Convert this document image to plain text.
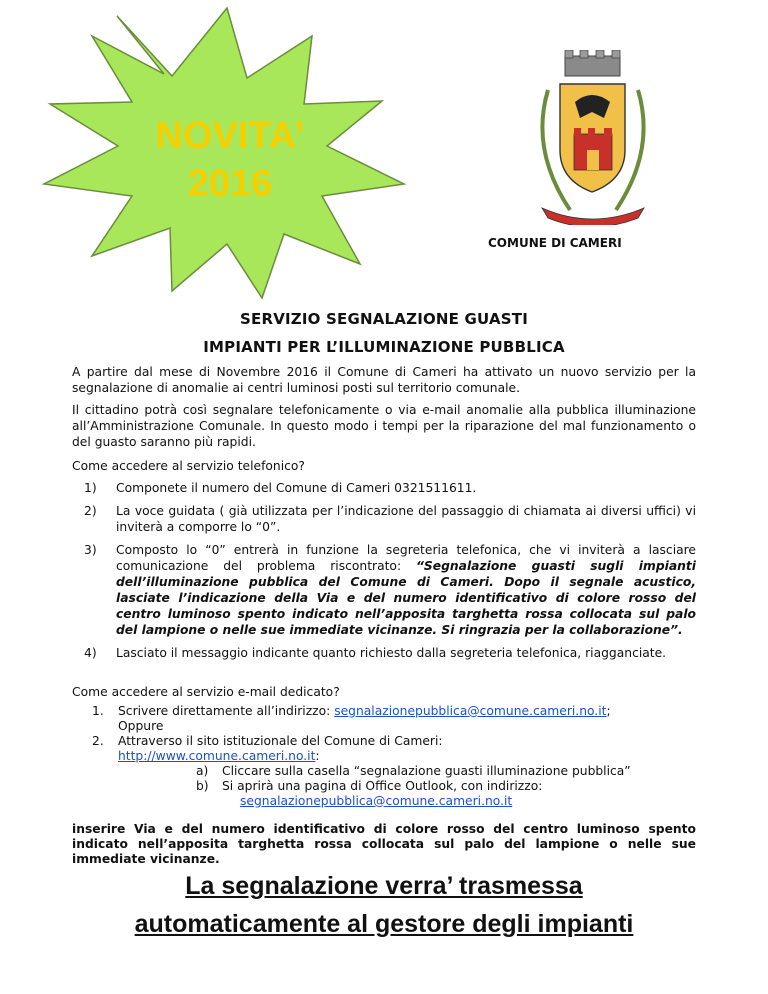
NOVITA’
2016
COMUNE DI CAMERI
SERVIZIO SEGNALAZIONE GUASTI
IMPIANTI PER L’ILLUMINAZIONE PUBBLICA
A partire dal mese di Novembre 2016 il Comune di Cameri ha attivato un nuovo servizio per la segnalazione di anomalie ai centri luminosi posti sul territorio comunale.
Il cittadino potrà così segnalare telefonicamente o via e-mail anomalie alla pubblica illuminazione all’Amministrazione Comunale. In questo modo i tempi per la riparazione del mal funzionamento o del guasto saranno più rapidi.
Come accedere al servizio telefonico?
1) Componete il numero del Comune di Cameri 0321511611.
2) La voce guidata ( già utilizzata per l’indicazione del passaggio di chiamata ai diversi uffici) vi inviterà a comporre lo “0”.
3) Composto lo “0” entrerà in funzione la segreteria telefonica, che vi inviterà a lasciare comunicazione del problema riscontrato: “Segnalazione guasti sugli impianti dell’illuminazione pubblica del Comune di Cameri. Dopo il segnale acustico, lasciate l’indicazione della Via e del numero identificativo di colore rosso del centro luminoso spento indicato nell’apposita targhetta rossa collocata sul palo del lampione o nelle sue immediate vicinanze. Si ringrazia per la collaborazione”.
4) Lasciato il messaggio indicante quanto richiesto dalla segreteria telefonica, riagganciate.
Come accedere al servizio e-mail dedicato?
1. Scrivere direttamente all’indirizzo: segnalazionepubblica@comune.cameri.no.it;
Oppure
2. Attraverso il sito istituzionale del Comune di Cameri:
http://www.comune.cameri.no.it:
a) Cliccare sulla casella “segnalazione guasti illuminazione pubblica”
b) Si aprirà una pagina di Office Outlook, con indirizzo:
segnalazionepubblica@comune.cameri.no.it
inserire Via e del numero identificativo di colore rosso del centro luminoso spento indicato nell’apposita targhetta rossa collocata sul palo del lampione o nelle sue immediate vicinanze.
La segnalazione verra’ trasmessa
automaticamente al gestore degli impianti
